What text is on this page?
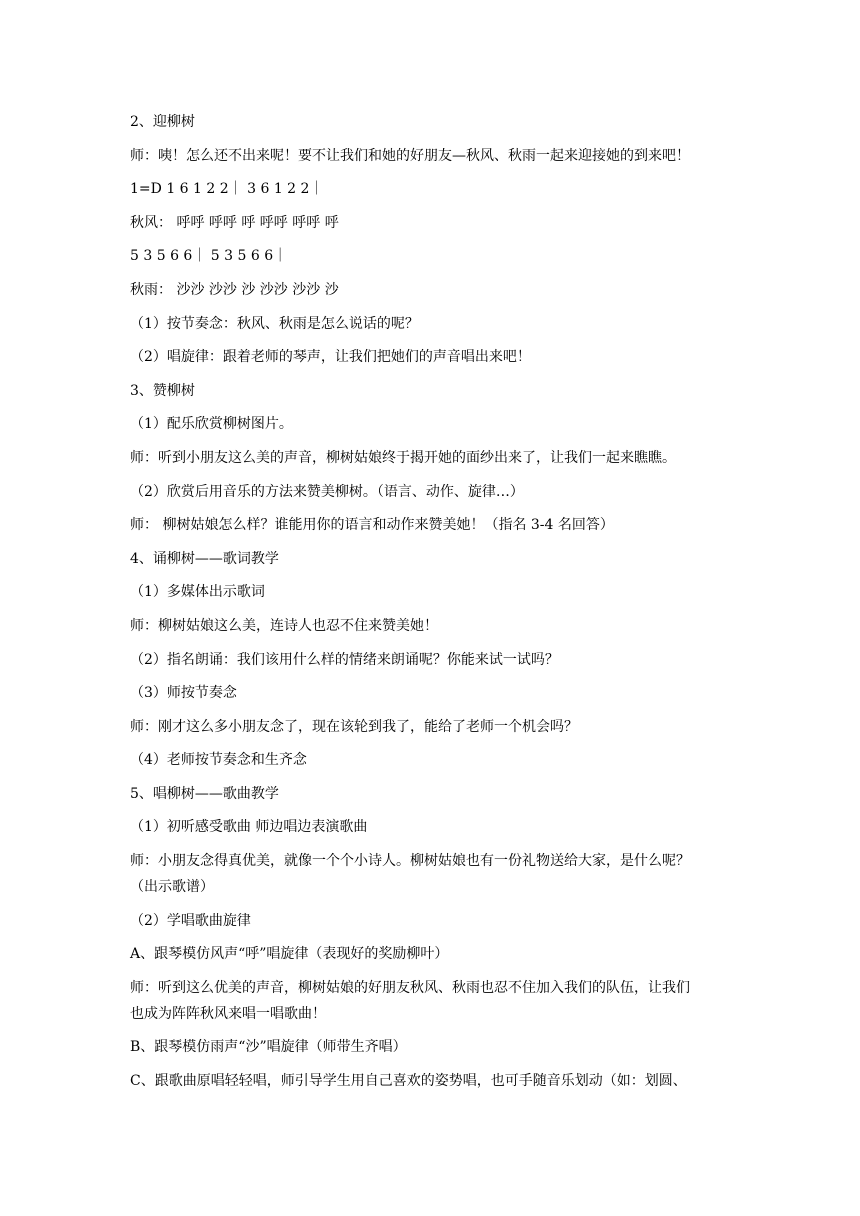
2、迎柳树
师：咦！怎么还不出来呢！要不让我们和她的好朋友—秋风、秋雨一起来迎接她的到来吧！
1=D 1 6 1 2 2｜ 3 6 1 2 2｜
秋风： 呼呼 呼呼 呼 呼呼 呼呼 呼
5 3 5 6 6｜ 5 3 5 6 6｜
秋雨： 沙沙 沙沙 沙 沙沙 沙沙 沙
（1）按节奏念：秋风、秋雨是怎么说话的呢？
（2）唱旋律：跟着老师的琴声，让我们把她们的声音唱出来吧！
3、赞柳树
（1）配乐欣赏柳树图片。
师：听到小朋友这么美的声音，柳树姑娘终于揭开她的面纱出来了，让我们一起来瞧瞧。
（2）欣赏后用音乐的方法来赞美柳树。（语言、动作、旋律…）
师： 柳树姑娘怎么样？谁能用你的语言和动作来赞美她！（指名 3-4 名回答）
4、诵柳树——歌词教学
（1）多媒体出示歌词
师：柳树姑娘这么美，连诗人也忍不住来赞美她！
（2）指名朗诵：我们该用什么样的情绪来朗诵呢？你能来试一试吗？
（3）师按节奏念
师：刚才这么多小朋友念了，现在该轮到我了，能给了老师一个机会吗？
（4）老师按节奏念和生齐念
5、唱柳树——歌曲教学
（1）初听感受歌曲 师边唱边表演歌曲
师：小朋友念得真优美，就像一个个小诗人。柳树姑娘也有一份礼物送给大家，是什么呢？
（出示歌谱）
（2）学唱歌曲旋律
A、跟琴模仿风声“呼”唱旋律（表现好的奖励柳叶）
师：听到这么优美的声音，柳树姑娘的好朋友秋风、秋雨也忍不住加入我们的队伍，让我们
也成为阵阵秋风来唱一唱歌曲！
B、跟琴模仿雨声“沙”唱旋律（师带生齐唱）
C、跟歌曲原唱轻轻唱，师引导学生用自己喜欢的姿势唱，也可手随音乐划动（如：划圆、
